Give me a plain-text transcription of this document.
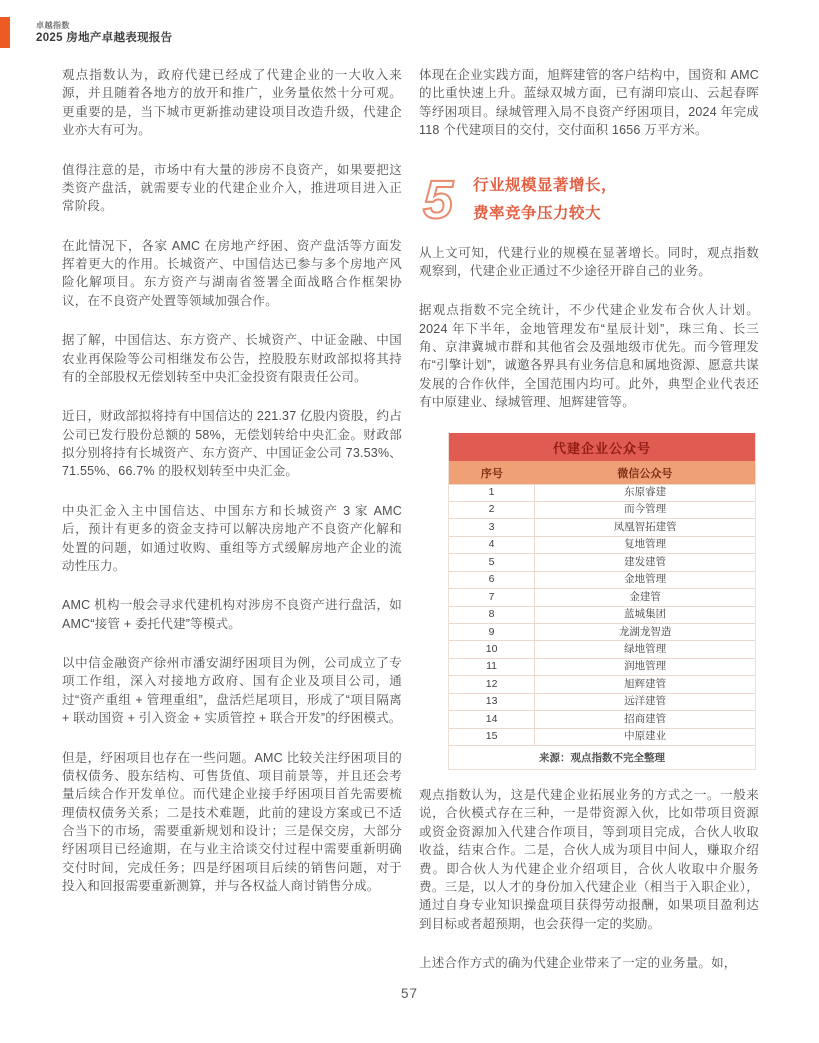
卓越指数
2025 房地产卓越表现报告

观点指数认为，政府代建已经成了代建企业的一大收入来源，并且随着各地方的放开和推广，业务量依然十分可观。更重要的是，当下城市更新推动建设项目改造升级，代建企业亦大有可为。

值得注意的是，市场中有大量的涉房不良资产，如果要把这类资产盘活，就需要专业的代建企业介入，推进项目进入正常阶段。

在此情况下，各家 AMC 在房地产纾困、资产盘活等方面发挥着更大的作用。长城资产、中国信达已参与多个房地产风险化解项目。东方资产与湖南省签署全面战略合作框架协议，在不良资产处置等领域加强合作。

据了解，中国信达、东方资产、长城资产、中证金融、中国农业再保险等公司相继发布公告，控股股东财政部拟将其持有的全部股权无偿划转至中央汇金投资有限责任公司。

近日，财政部拟将持有中国信达的 221.37 亿股内资股，约占公司已发行股份总额的 58%，无偿划转给中央汇金。财政部拟分别将持有长城资产、东方资产、中国证金公司 73.53%、71.55%、66.7% 的股权划转至中央汇金。

中央汇金入主中国信达、中国东方和长城资产 3 家 AMC 后，预计有更多的资金支持可以解决房地产不良资产化解和处置的问题，如通过收购、重组等方式缓解房地产企业的流动性压力。

AMC 机构一般会寻求代建机构对涉房不良资产进行盘活，如 AMC“接管 + 委托代建”等模式。

以中信金融资产徐州市潘安湖纾困项目为例，公司成立了专项工作组，深入对接地方政府、国有企业及项目公司，通过“资产重组 + 管理重组”，盘活烂尾项目，形成了“项目隔离 + 联动国资 + 引入资金 + 实质管控 + 联合开发”的纾困模式。

但是，纾困项目也存在一些问题。AMC 比较关注纾困项目的债权债务、股东结构、可售货值、项目前景等，并且还会考量后续合作开发单位。而代建企业接手纾困项目首先需要梳理债权债务关系；二是技术难题，此前的建设方案或已不适合当下的市场，需要重新规划和设计；三是保交房，大部分纾困项目已经逾期，在与业主洽谈交付过程中需要重新明确交付时间，完成任务；四是纾困项目后续的销售问题，对于投入和回报需要重新测算，并与各权益人商讨销售分成。

体现在企业实践方面，旭辉建管的客户结构中，国资和 AMC 的比重快速上升。蓝绿双城方面，已有湖印宸山、云起春晖等纾困项目。绿城管理入局不良资产纾困项目，2024 年完成 118 个代建项目的交付，交付面积 1656 万平方米。

5 行业规模显著增长，
费率竞争压力较大

从上文可知，代建行业的规模在显著增长。同时，观点指数观察到，代建企业正通过不少途径开辟自己的业务。

据观点指数不完全统计，不少代建企业发布合伙人计划。2024 年下半年，金地管理发布“星辰计划”，珠三角、长三角、京津冀城市群和其他省会及强地级市优先。而今管理发布“引擎计划”，诚邀各界具有业务信息和属地资源、愿意共谋发展的合作伙伴，全国范围内均可。此外，典型企业代表还有中原建业、绿城管理、旭辉建管等。

代建企业公众号
序号	微信公众号
1	东原睿建
2	而今管理
3	凤凰智拓建管
4	复地管理
5	建发建管
6	金地管理
7	金建管
8	蓝城集团
9	龙湖龙智造
10	绿地管理
11	润地管理
12	旭辉建管
13	远洋建管
14	招商建管
15	中原建业
来源：观点指数不完全整理

观点指数认为，这是代建企业拓展业务的方式之一。一般来说，合伙模式存在三种，一是带资源入伙，比如带项目资源或资金资源加入代建合作项目，等到项目完成，合伙人收取收益，结束合作。二是，合伙人成为项目中间人，赚取介绍费。即合伙人为代建企业介绍项目，合伙人收取中介服务费。三是，以人才的身份加入代建企业（相当于入职企业），通过自身专业知识操盘项目获得劳动报酬，如果项目盈利达到目标或者超预期，也会获得一定的奖励。

上述合作方式的确为代建企业带来了一定的业务量。如，

57
